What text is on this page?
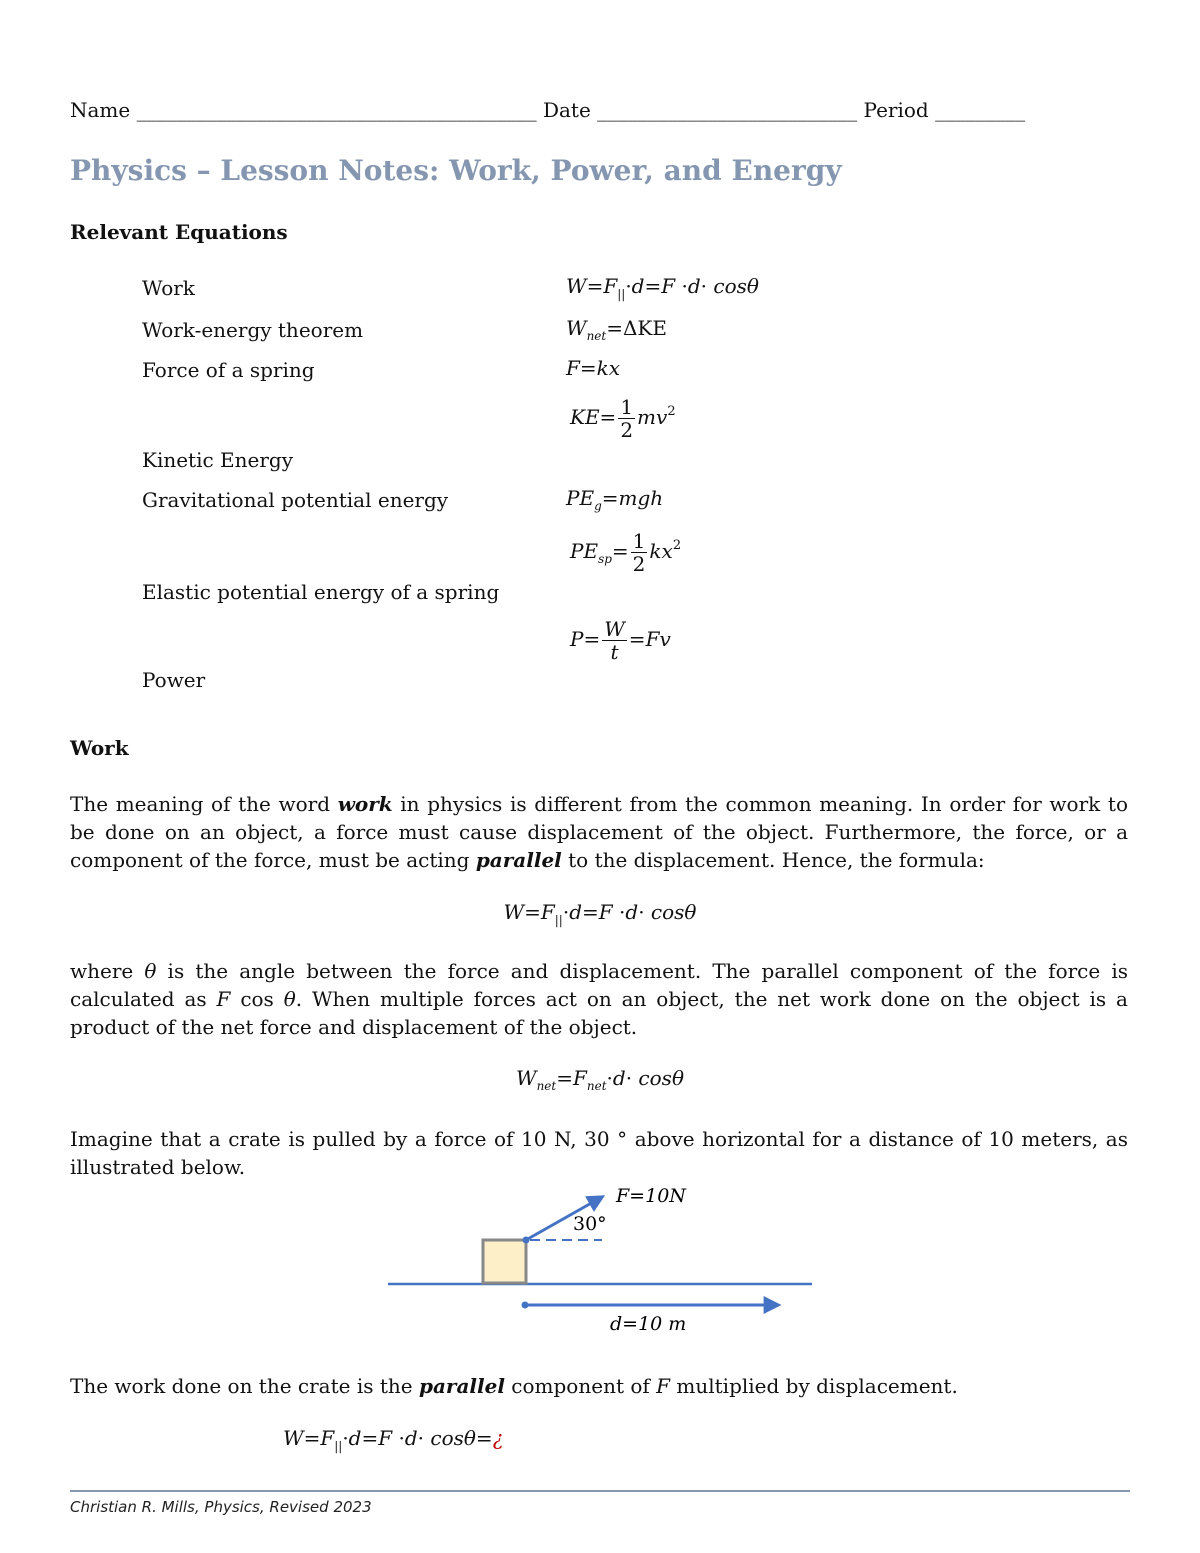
Name ________________________________________ Date __________________________ Period _________
Physics – Lesson Notes: Work, Power, and Energy
Relevant Equations
Work
Work-energy theorem
Force of a spring
Kinetic Energy
Gravitational potential energy
Elastic potential energy of a spring
Power
$W=F_{||}\cdot d=F \cdot d\cdot \cos\theta$
$W_{net}=\Delta KE$
F=kx
$KE= \frac{1}{2} mv^2$
$PE_g=mgh$
$PE_{sp}= \frac{1}{2} kx^2$
$P= \frac{W}{t} =Fv$
Work

The meaning of the word work in physics is different from the common meaning. In order for work to be done on an object, a force must cause displacement of the object. Furthermore, the force, or a component of the force, must be acting parallel to the displacement. Hence, the formula:

$W=F_{||}\cdot d=F \cdot d\cdot \cos\theta$

where θ is the angle between the force and displacement. The parallel component of the force is calculated as F cos θ. When multiple forces act on an object, the net work done on the object is a product of the net force and displacement of the object.

$W_{net}=F_{net}\cdot d\cdot \cos\theta$
Imagine that a crate is pulled by a force of 10 N, 30 ° above horizontal for a distance of 10 meters, as illustrated below.
F=10N
30°
d=10 m

The work done on the crate is the parallel component of F multiplied by displacement.

$W=F_{||}\cdot d=F \cdot d\cdot$ cosθ=¿
Christian R. Mills, Physics, Revised 2023
